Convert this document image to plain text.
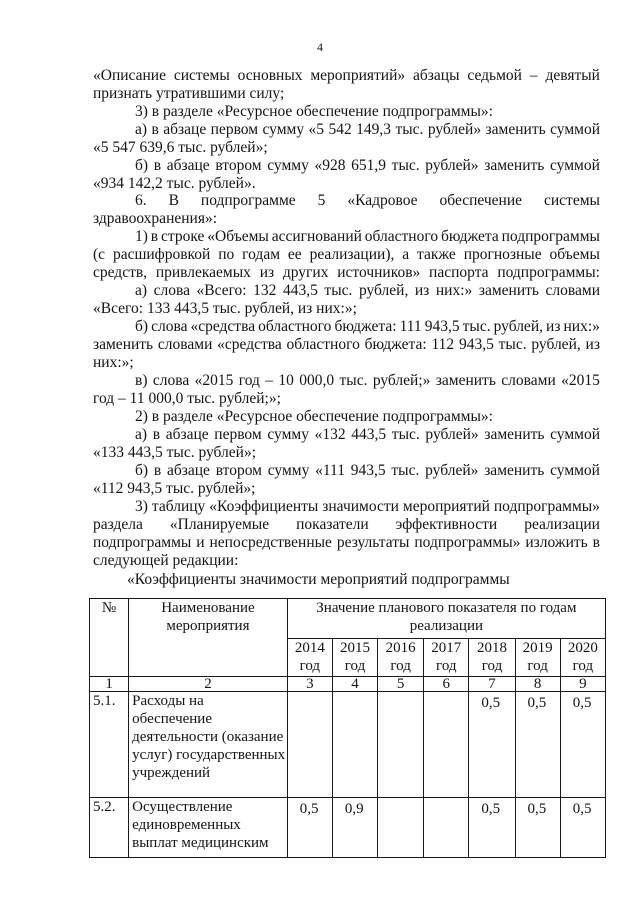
4
«Описание системы основных мероприятий» абзацы седьмой – девятый
признать утратившими силу;
3) в разделе «Ресурсное обеспечение подпрограммы»:
а) в абзаце первом сумму «5 542 149,3 тыс. рублей» заменить суммой
«5 547 639,6 тыс. рублей»;
б) в абзаце втором сумму «928 651,9 тыс. рублей» заменить суммой
«934 142,2 тыс. рублей».
6. В подпрограмме 5 «Кадровое обеспечение системы
здравоохранения»:
1) в строке «Объемы ассигнований областного бюджета подпрограммы
(с расшифровкой по годам ее реализации), а также прогнозные объемы
средств, привлекаемых из других источников» паспорта подпрограммы:
а) слова «Всего: 132 443,5 тыс. рублей, из них:» заменить словами
«Всего: 133 443,5 тыс. рублей, из них:»;
б) слова «средства областного бюджета: 111 943,5 тыс. рублей, из них:»
заменить словами «средства областного бюджета: 112 943,5 тыс. рублей, из
них:»;
в) слова «2015 год – 10 000,0 тыс. рублей;» заменить словами «2015
год – 11 000,0 тыс. рублей;»;
2) в разделе «Ресурсное обеспечение подпрограммы»:
а) в абзаце первом сумму «132 443,5 тыс. рублей» заменить суммой
«133 443,5 тыс. рублей»;
б) в абзаце втором сумму «111 943,5 тыс. рублей» заменить суммой
«112 943,5 тыс. рублей»;
3) таблицу «Коэффициенты значимости мероприятий подпрограммы»
раздела «Планируемые показатели эффективности реализации
подпрограммы и непосредственные результаты подпрограммы» изложить в
следующей редакции:
«Коэффициенты значимости мероприятий подпрограммы
№	Наименование мероприятия	Значение планового показателя по годам реализации						
		2014 год	2015 год	2016 год	2017 год	2018 год	2019 год	2020 год
1	2	3	4	5	6	7	8	9
5.1.	Расходы на обеспечение деятельности (оказание услуг) государственных учреждений					0,5	0,5	0,5
5.2.	Осуществление единовременных выплат медицинским	0,5	0,9			0,5	0,5	0,5
